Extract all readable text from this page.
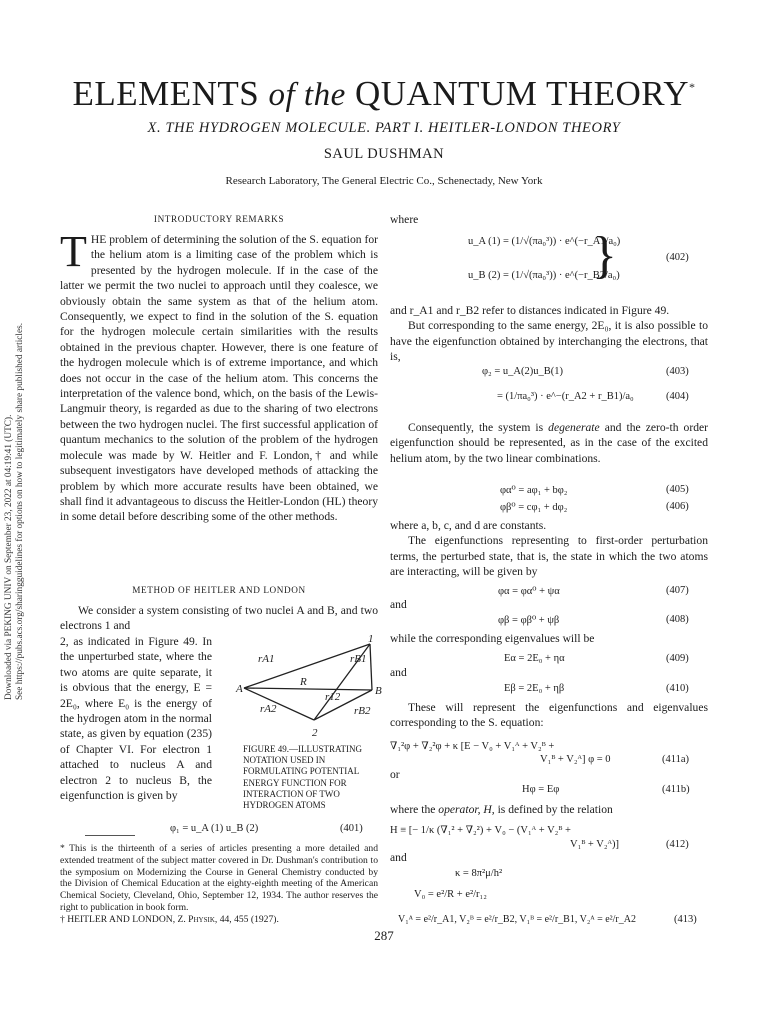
ELEMENTS of the QUANTUM THEORY*
X. THE HYDROGEN MOLECULE. PART I. HEITLER-LONDON THEORY
SAUL DUSHMAN
Research Laboratory, The General Electric Co., Schenectady, New York
Downloaded via PEKING UNIV on September 23, 2022 at 04:19:41 (UTC). See https://pubs.acs.org/sharingguidelines for options on how to legitimately share published articles.
INTRODUCTORY REMARKS
THE problem of determining the solution of the S. equation for the helium atom is a limiting case of the problem which is presented by the hydrogen molecule. If in the case of the latter we permit the two nuclei to approach until they coalesce, we obviously obtain the same system as that of the helium atom. Consequently, we expect to find in the solution of the S. equation for the hydrogen molecule certain similarities with the results obtained in the previous chapter. However, there is one feature of the hydrogen molecule which is of extreme importance, and which does not occur in the case of the helium atom. This concerns the interpretation of the valence bond, which, on the basis of the Lewis-Langmuir theory, is regarded as due to the sharing of two electrons between the two hydrogen nuclei. The first successful application of quantum mechanics to the solution of the problem of the hydrogen molecule was made by W. Heitler and F. London,† and while subsequent investigators have developed methods of attacking the problem by which more accurate results have been obtained, we shall find it advantageous to discuss the Heitler-London (HL) theory in some detail before describing some of the other methods.
METHOD OF HEITLER AND LONDON

We consider a system consisting of two nuclei A and B, and two electrons 1 and

2, as indicated in Figure 49. In the unperturbed state, where the two atoms are quite separate, it is obvious that the energy, E = 2E₀, where E₀ is the energy of the hydrogen atom in the normal state, as given by equation (235) of Chapter VI. For electron 1 attached to nucleus A and electron 2 to nucleus B, the eigenfunction is given by

1
2
A	B
rA1	rB1
rA2	rB2
R
r12
FIGURE 49.—ILLUSTRATING NOTATION USED IN FORMULATING POTENTIAL ENERGY FUNCTION FOR INTERACTION OF TWO HYDROGEN ATOMS
φ₁ = u_A (1) u_B (2)	(401)
* This is the thirteenth of a series of articles presenting a more detailed and extended treatment of the subject matter covered in Dr. Dushman's contribution to the symposium on Modernizing the Course in General Chemistry conducted by the Division of Chemical Education at the eighty-eighth meeting of the American Chemical Society, Cleveland, Ohio, September 12, 1934. The author reserves the right to publication in book form.
† HEITLER AND LONDON, Z. Physik, 44, 455 (1927).
where
u_A (1) = (1/√(πa₀³)) · e^(−r_A1/a₀)
u_B (2) = (1/√(πa₀³)) · e^(−r_B2/a₀)
}	(402)

and r_A1 and r_B2 refer to distances indicated in Figure 49.

But corresponding to the same energy, 2E₀, it is also possible to have the eigenfunction obtained by interchanging the electrons, that is,

φ₂ = u_A(2)u_B(1)	(403)
= (1/πa₀³) · e^−(r_A2 + r_B1)/a₀	(404)

Consequently, the system is degenerate and the zero-th order eigenfunction should be represented, as in the case of the excited helium atom, by the two linear combinations.

φα⁰ = aφ₁ + bφ₂	(405)
φβ⁰ = cφ₁ + dφ₂	(406)

where a, b, c, and d are constants.

The eigenfunctions representing to first-order perturbation terms, the perturbed state, that is, the state in which the two atoms are interacting, will be given by

φα = φα⁰ + ψα	(407)
and
φβ = φβ⁰ + ψβ	(408)
while the corresponding eigenvalues will be
Eα = 2E₀ + ηα	(409)
and
Eβ = 2E₀ + ηβ	(410)

These will represent the eigenfunctions and eigenvalues corresponding to the S. equation:

∇₁²φ + ∇₂²φ + κ [E − V₀ + V₁ᴬ + V₂ᴮ +
V₁ᴮ + V₂ᴬ] φ = 0	(411a)
or
Hφ = Eφ	(411b)
where the operator, H, is defined by the relation
H ≡ [− 1/κ (∇₁² + ∇₂²) + V₀ − (V₁ᴬ + V₂ᴮ +
V₁ᴮ + V₂ᴬ)]	(412)
and
κ = 8π²μ/h²
V₀ = e²/R + e²/r₁₂
V₁ᴬ = e²/r_A1, V₂ᴮ = e²/r_B2, V₁ᴮ = e²/r_B1, V₂ᴬ = e²/r_A2	(413)
287
